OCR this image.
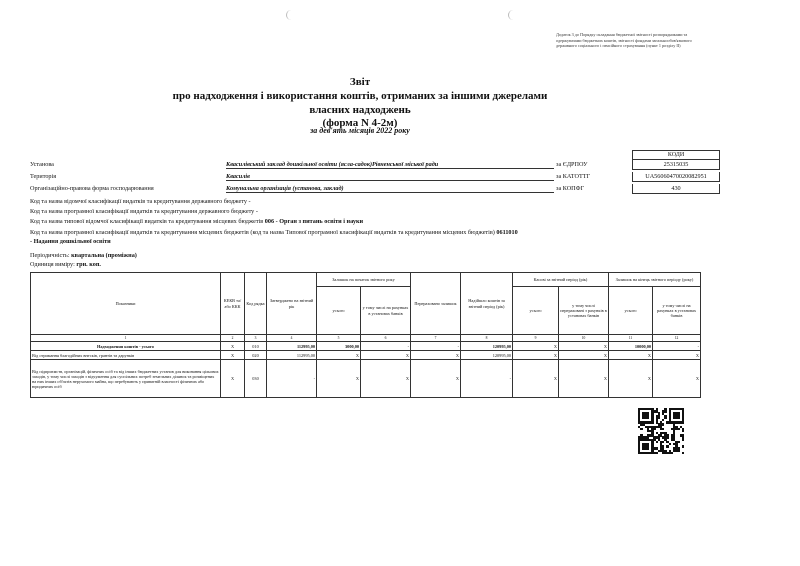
Додаток 3 до Порядку складання бюджетної звітності розпорядниками та одержувачами бюджетних коштів, звітності фондами загальнообов'язкового державного соціального і пенсійного страхування (пункт 1 розділу II)
Звіт
про надходження і використання коштів, отриманих за іншими джерелами
власних надходжень
(форма N 4-2м)
за дев'ять місяців 2022 року
КОДИ
Установа	Квасилівський заклад дошкільної освіти (ясла-садок)Рівненської міської ради	за ЄДРПОУ	25315035
Територія	Квасилів	за КАТОТТГ	UA56060470020082951
Організаційно-правова форма господарювання	Комунальна організація (установа, заклад)	за КОПФГ	430
Код та назва відомчої класифікації видатків та кредитування державного бюджету -
Код та назва програмної класифікації видатків та кредитування державного бюджету -
Код та назва типової відомчої класифікації видатків та кредитування місцевих бюджетів 006 - Орган з питань освіти і науки
Код та назва програмної класифікації видатків та кредитування місцевих бюджетів (код та назва Типової програмної класифікації видатків та кредитування місцевих бюджетів) 0611010 - Надання дошкільної освіти
Періодичність: квартальна (проміжна)
Одиниця виміру: грн. коп.
Показники	КЕКВ та/або ККК	Код рядка	Затверджено на звітний рік	Залишок на початок звітного року		Перераховано залишок	Надійшло коштів за звітний період (рік)	Касові за звітний період (рік)		Залишок на кінець звітного періоду (року)	
				усього	у тому числі на рахунках в установах банків			усього	у тому числі перераховані з рахунків в установах банків	усього	у тому числі на рахунках в установах банків
1	2	3	4	5	6	7	8	9	10	11	12
Надходження коштів - усього	X	010	112995,00	3000,00	-	-	120995,00	X	X	10000,00	-
Від отримання благодійних внесків, грантів та дарунків	X	020	112995,00	X	X	X	120995,00	X	X	X	X
Від підприємств, організацій, фізичних осіб та від інших бюджетних установ для виконання цільових заходів, у тому числі заходів з відчуження для суспільних потреб земельних ділянок та розміщених на них інших об'єктів нерухомого майна, що перебувають у приватній власності фізичних або юридичних осіб	X	030	-	X	X	X	-	X	X	X	X
